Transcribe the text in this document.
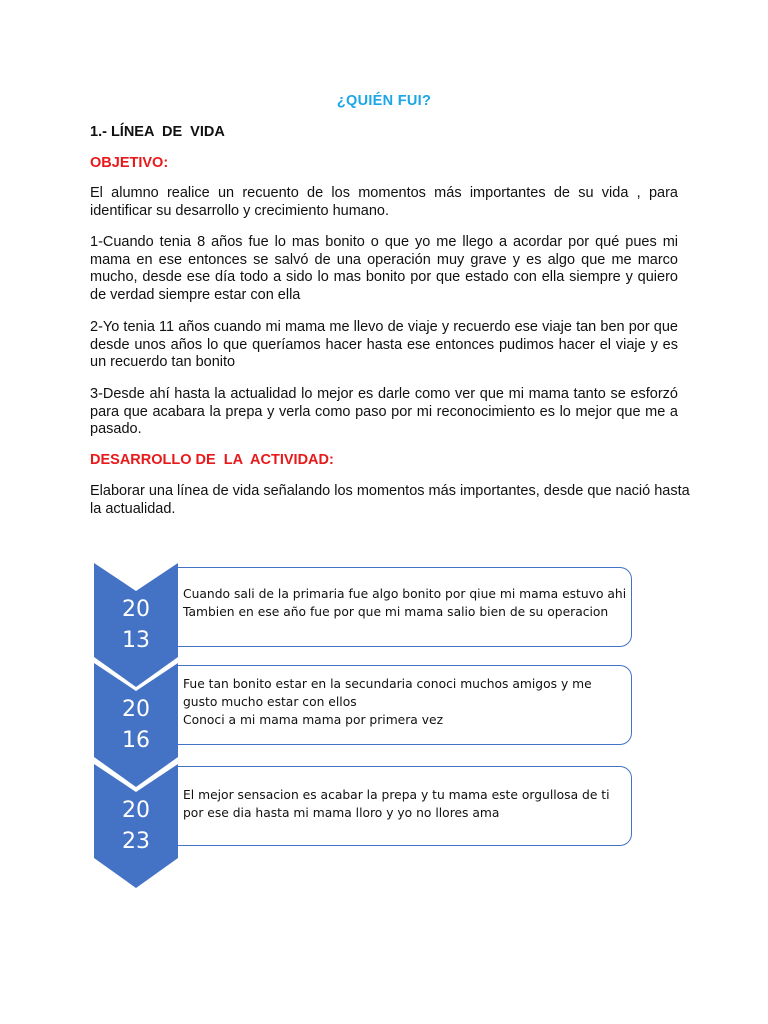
¿QUIÉN FUI?
1.- LÍNEA  DE  VIDA
OBJETIVO:

El alumno realice un recuento de los momentos más importantes de su vida , para identificar su desarrollo y crecimiento humano.

1-Cuando tenia 8 años fue lo mas bonito o que yo me llego a acordar por qué pues mi mama en ese entonces se salvó de una operación muy grave y es algo que me marco mucho, desde ese día todo a sido lo mas bonito por que estado con ella siempre y quiero de verdad siempre estar con ella

2-Yo tenia 11 años cuando mi mama me llevo de viaje y recuerdo ese viaje tan ben por que desde unos años lo que queríamos hacer hasta ese entonces pudimos hacer el viaje y es un recuerdo tan bonito

3-Desde ahí hasta la actualidad lo mejor es darle como ver que mi mama tanto se esforzó para que acabara la prepa y verla como paso por mi reconocimiento es lo mejor que me a pasado.

DESARROLLO DE  LA  ACTIVIDAD:

Elaborar una línea de vida señalando los momentos más importantes, desde que nació hasta la actualidad.

20
13
Cuando sali de la primaria fue algo bonito por qiue mi mama estuvo ahi
Tambien en ese año fue por que mi mama salio bien de su operacion
20
16
Fue tan bonito estar en la secundaria conoci muchos amigos y me gusto mucho estar con ellos
Conoci a mi mama mama por primera vez
20
23
El mejor sensacion es acabar la prepa y tu mama este orgullosa de ti por ese dia hasta mi mama lloro y yo no llores ama
